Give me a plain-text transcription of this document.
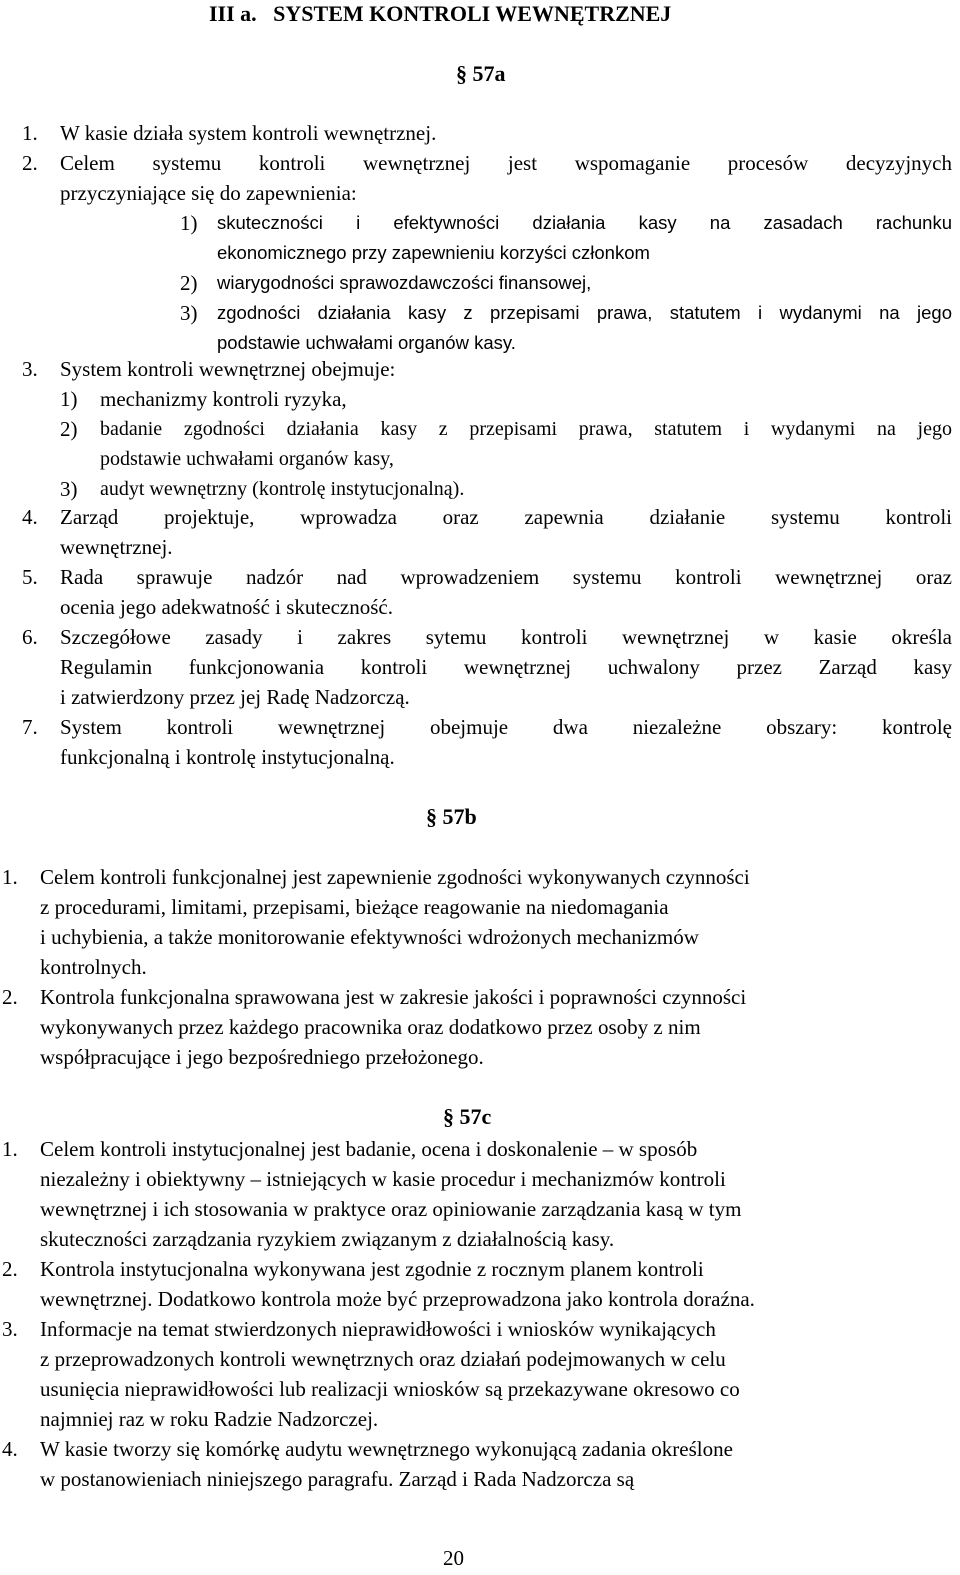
III a.   SYSTEM KONTROLI WEWNĘTRZNEJ
§ 57a
1. W kasie działa system kontroli wewnętrznej.
2. Celem systemu kontroli wewnętrznej jest wspomaganie procesów decyzyjnych
przyczyniające się do zapewnienia:
1) skuteczności i efektywności działania kasy na zasadach rachunku
ekonomicznego przy zapewnieniu korzyści członkom
2) wiarygodności sprawozdawczości finansowej,
3) zgodności działania kasy z przepisami prawa, statutem i wydanymi na jego
podstawie uchwałami organów kasy.
3. System kontroli wewnętrznej obejmuje:
1) mechanizmy kontroli ryzyka,
2) badanie zgodności działania kasy z przepisami prawa, statutem i wydanymi na jego
podstawie uchwałami organów kasy,
3) audyt wewnętrzny (kontrolę instytucjonalną).
4. Zarząd projektuje, wprowadza oraz zapewnia działanie systemu kontroli
wewnętrznej.
5. Rada sprawuje nadzór nad wprowadzeniem systemu kontroli wewnętrznej oraz
ocenia jego adekwatność i skuteczność.
6. Szczegółowe zasady i zakres sytemu kontroli wewnętrznej w kasie określa
Regulamin funkcjonowania kontroli wewnętrznej uchwalony przez Zarząd kasy
i zatwierdzony przez jej Radę Nadzorczą.
7. System kontroli wewnętrznej obejmuje dwa niezależne obszary: kontrolę
funkcjonalną i kontrolę instytucjonalną.
§ 57b
1. Celem kontroli funkcjonalnej jest zapewnienie zgodności wykonywanych czynności
z procedurami, limitami, przepisami, bieżące reagowanie na niedomagania
i uchybienia, a także monitorowanie efektywności wdrożonych mechanizmów
kontrolnych.
2. Kontrola funkcjonalna sprawowana jest w zakresie jakości i poprawności czynności
wykonywanych przez każdego pracownika oraz dodatkowo przez osoby z nim
współpracujące i jego bezpośredniego przełożonego.
§ 57c
1. Celem kontroli instytucjonalnej jest badanie, ocena i doskonalenie – w sposób
niezależny i obiektywny – istniejących w kasie procedur i mechanizmów kontroli
wewnętrznej i ich stosowania w praktyce oraz opiniowanie zarządzania kasą w tym
skuteczności zarządzania ryzykiem związanym z działalnością kasy.
2. Kontrola instytucjonalna wykonywana jest zgodnie z rocznym planem kontroli
wewnętrznej. Dodatkowo kontrola może być przeprowadzona jako kontrola doraźna.
3. Informacje na temat stwierdzonych nieprawidłowości i wniosków wynikających
z przeprowadzonych kontroli wewnętrznych oraz działań podejmowanych w celu
usunięcia nieprawidłowości lub realizacji wniosków są przekazywane okresowo co
najmniej raz w roku Radzie Nadzorczej.
4. W kasie tworzy się komórkę audytu wewnętrznego wykonującą zadania określone
w postanowieniach niniejszego paragrafu. Zarząd i Rada Nadzorcza są
20
